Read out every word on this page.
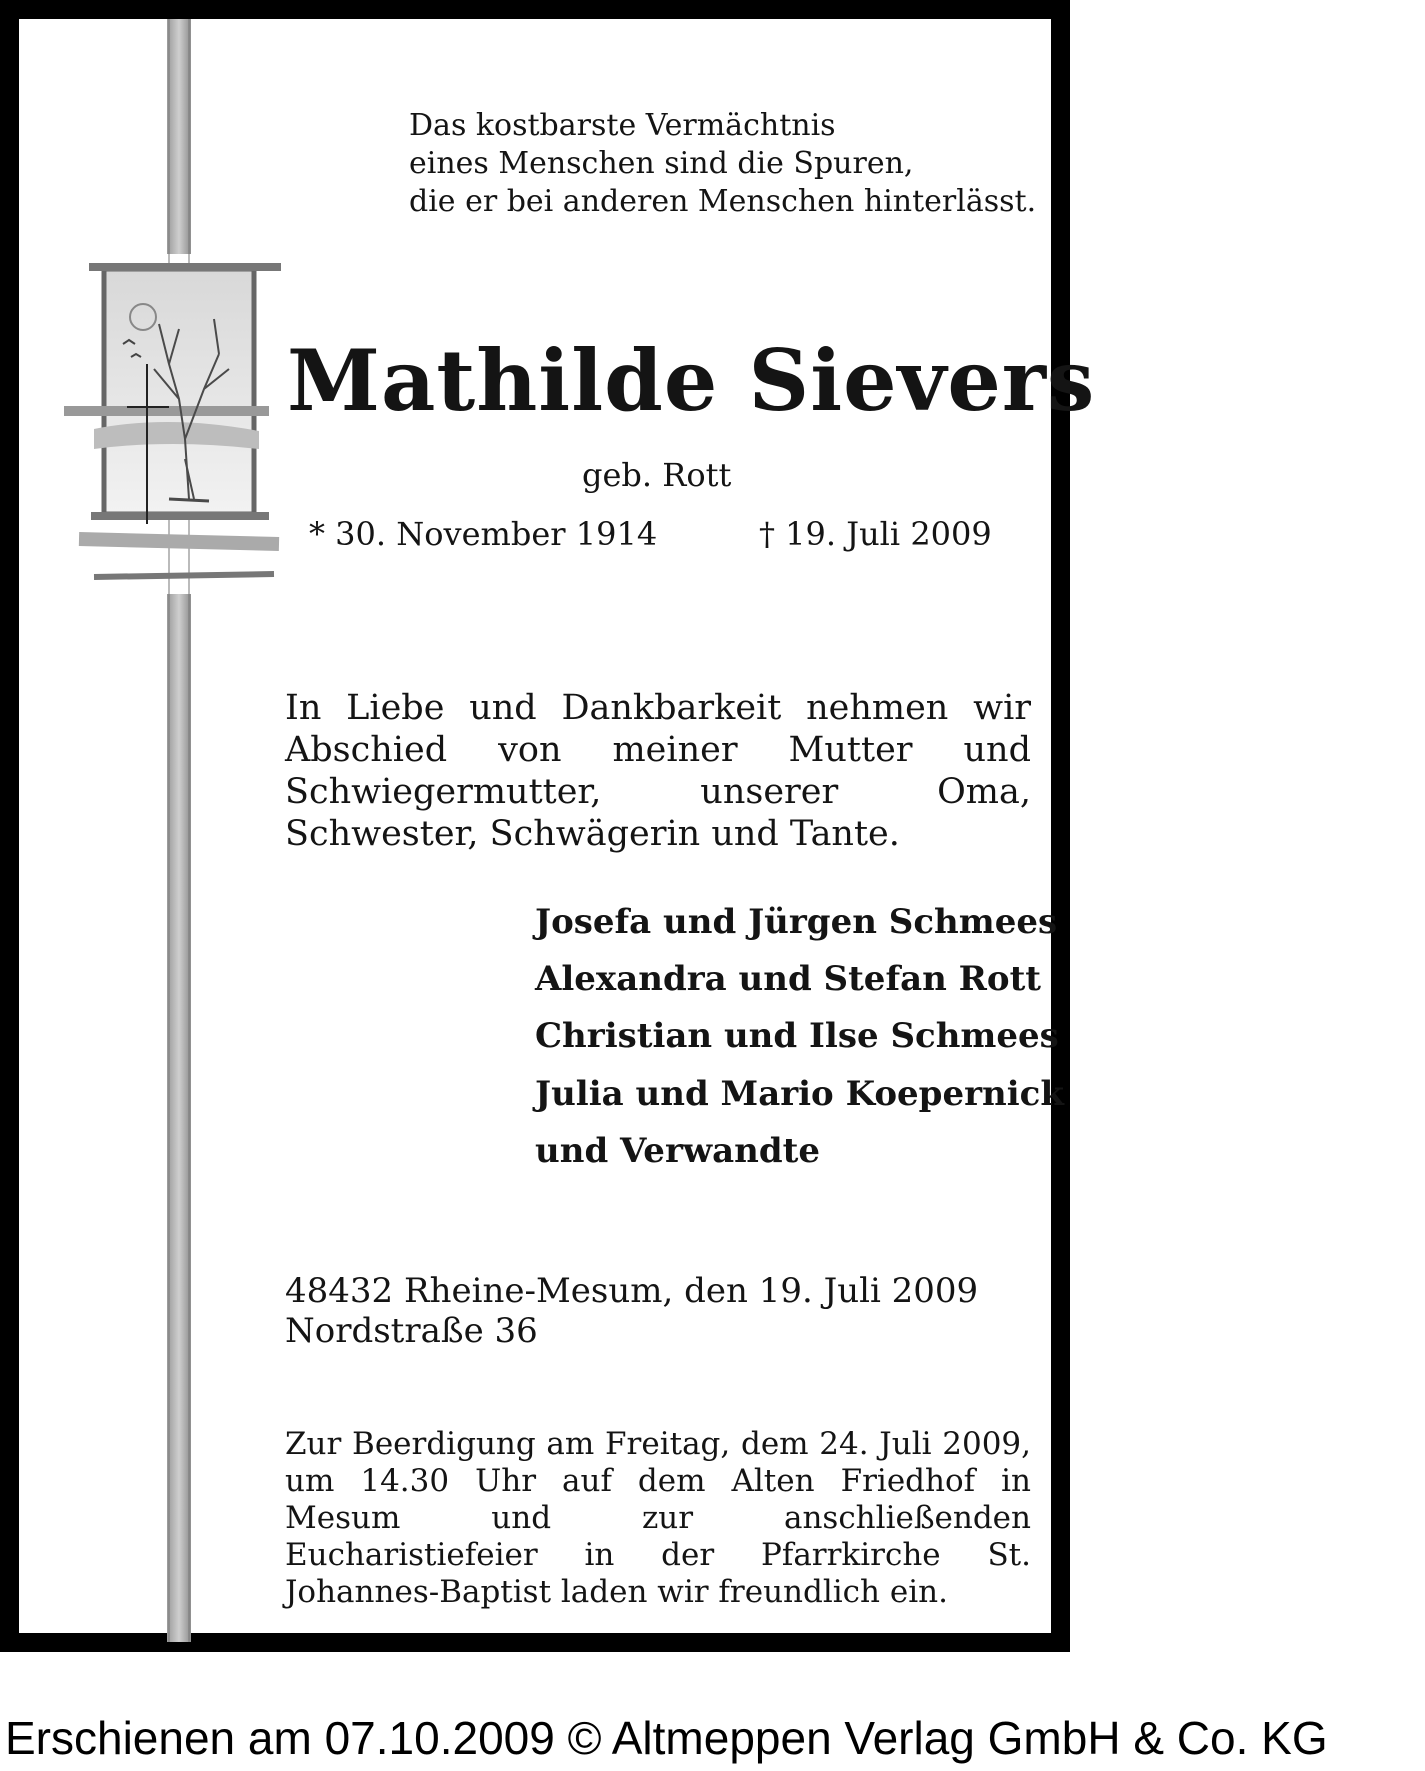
Das kostbarste Vermächtnis

eines Menschen sind die Spuren,

die er bei anderen Menschen hinterlässt.

Mathilde Sievers

geb. Rott

* 30. November 1914	† 19. Juli 2009

In Liebe und Dankbarkeit nehmen wir Abschied von meiner Mutter und Schwiegermutter, unserer Oma, Schwester, Schwägerin und Tante.

Josefa und Jürgen Schmees

Alexandra und Stefan Rott

Christian und Ilse Schmees

Julia und Mario Koepernick

und Verwandte

48432 Rheine-Mesum, den 19. Juli 2009

Nordstraße 36

Zur Beerdigung am Freitag, dem 24. Juli 2009, um 14.30 Uhr auf dem Alten Friedhof in Mesum und zur anschließenden Eucharistiefeier in der Pfarrkirche St. Johannes-Baptist laden wir freundlich ein.

Erschienen am 07.10.2009 © Altmeppen Verlag GmbH & Co. KG
